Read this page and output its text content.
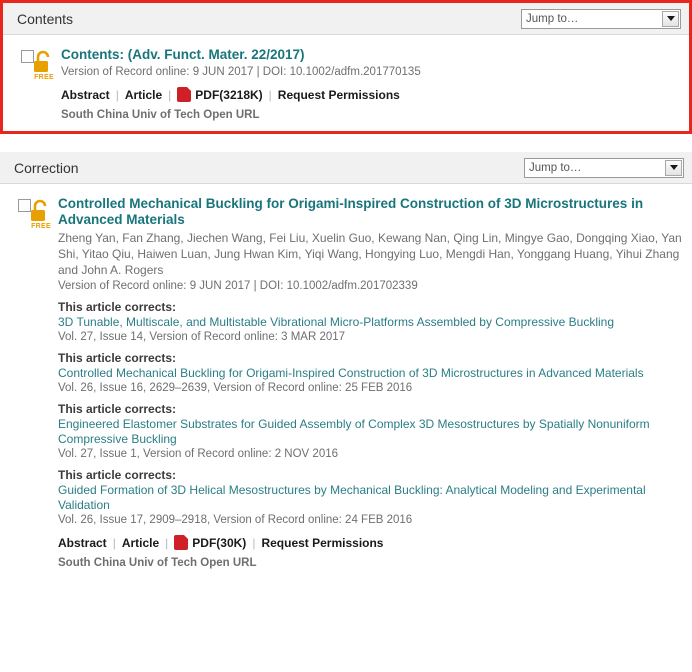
Contents	Jump to…
FREE
Contents: (Adv. Funct. Mater. 22/2017)
Version of Record online: 9 JUN 2017 | DOI: 10.1002/adfm.201770135
Abstract | Article | PDF(3218K) | Request Permissions
South China Univ of Tech Open URL
Correction	Jump to…
FREE
Controlled Mechanical Buckling for Origami-Inspired Construction of 3D Microstructures in Advanced Materials
Zheng Yan, Fan Zhang, Jiechen Wang, Fei Liu, Xuelin Guo, Kewang Nan, Qing Lin, Mingye Gao, Dongqing Xiao, Yan Shi, Yitao Qiu, Haiwen Luan, Jung Hwan Kim, Yiqi Wang, Hongying Luo, Mengdi Han, Yonggang Huang, Yihui Zhang and John A. Rogers
Version of Record online: 9 JUN 2017 | DOI: 10.1002/adfm.201702339
This article corrects:
3D Tunable, Multiscale, and Multistable Vibrational Micro-Platforms Assembled by Compressive Buckling
Vol. 27, Issue 14, Version of Record online: 3 MAR 2017
This article corrects:
Controlled Mechanical Buckling for Origami-Inspired Construction of 3D Microstructures in Advanced Materials
Vol. 26, Issue 16, 2629–2639, Version of Record online: 25 FEB 2016
This article corrects:
Engineered Elastomer Substrates for Guided Assembly of Complex 3D Mesostructures by Spatially Nonuniform Compressive Buckling
Vol. 27, Issue 1, Version of Record online: 2 NOV 2016
This article corrects:
Guided Formation of 3D Helical Mesostructures by Mechanical Buckling: Analytical Modeling and Experimental Validation
Vol. 26, Issue 17, 2909–2918, Version of Record online: 24 FEB 2016
Abstract | Article | PDF(30K) | Request Permissions
South China Univ of Tech Open URL
